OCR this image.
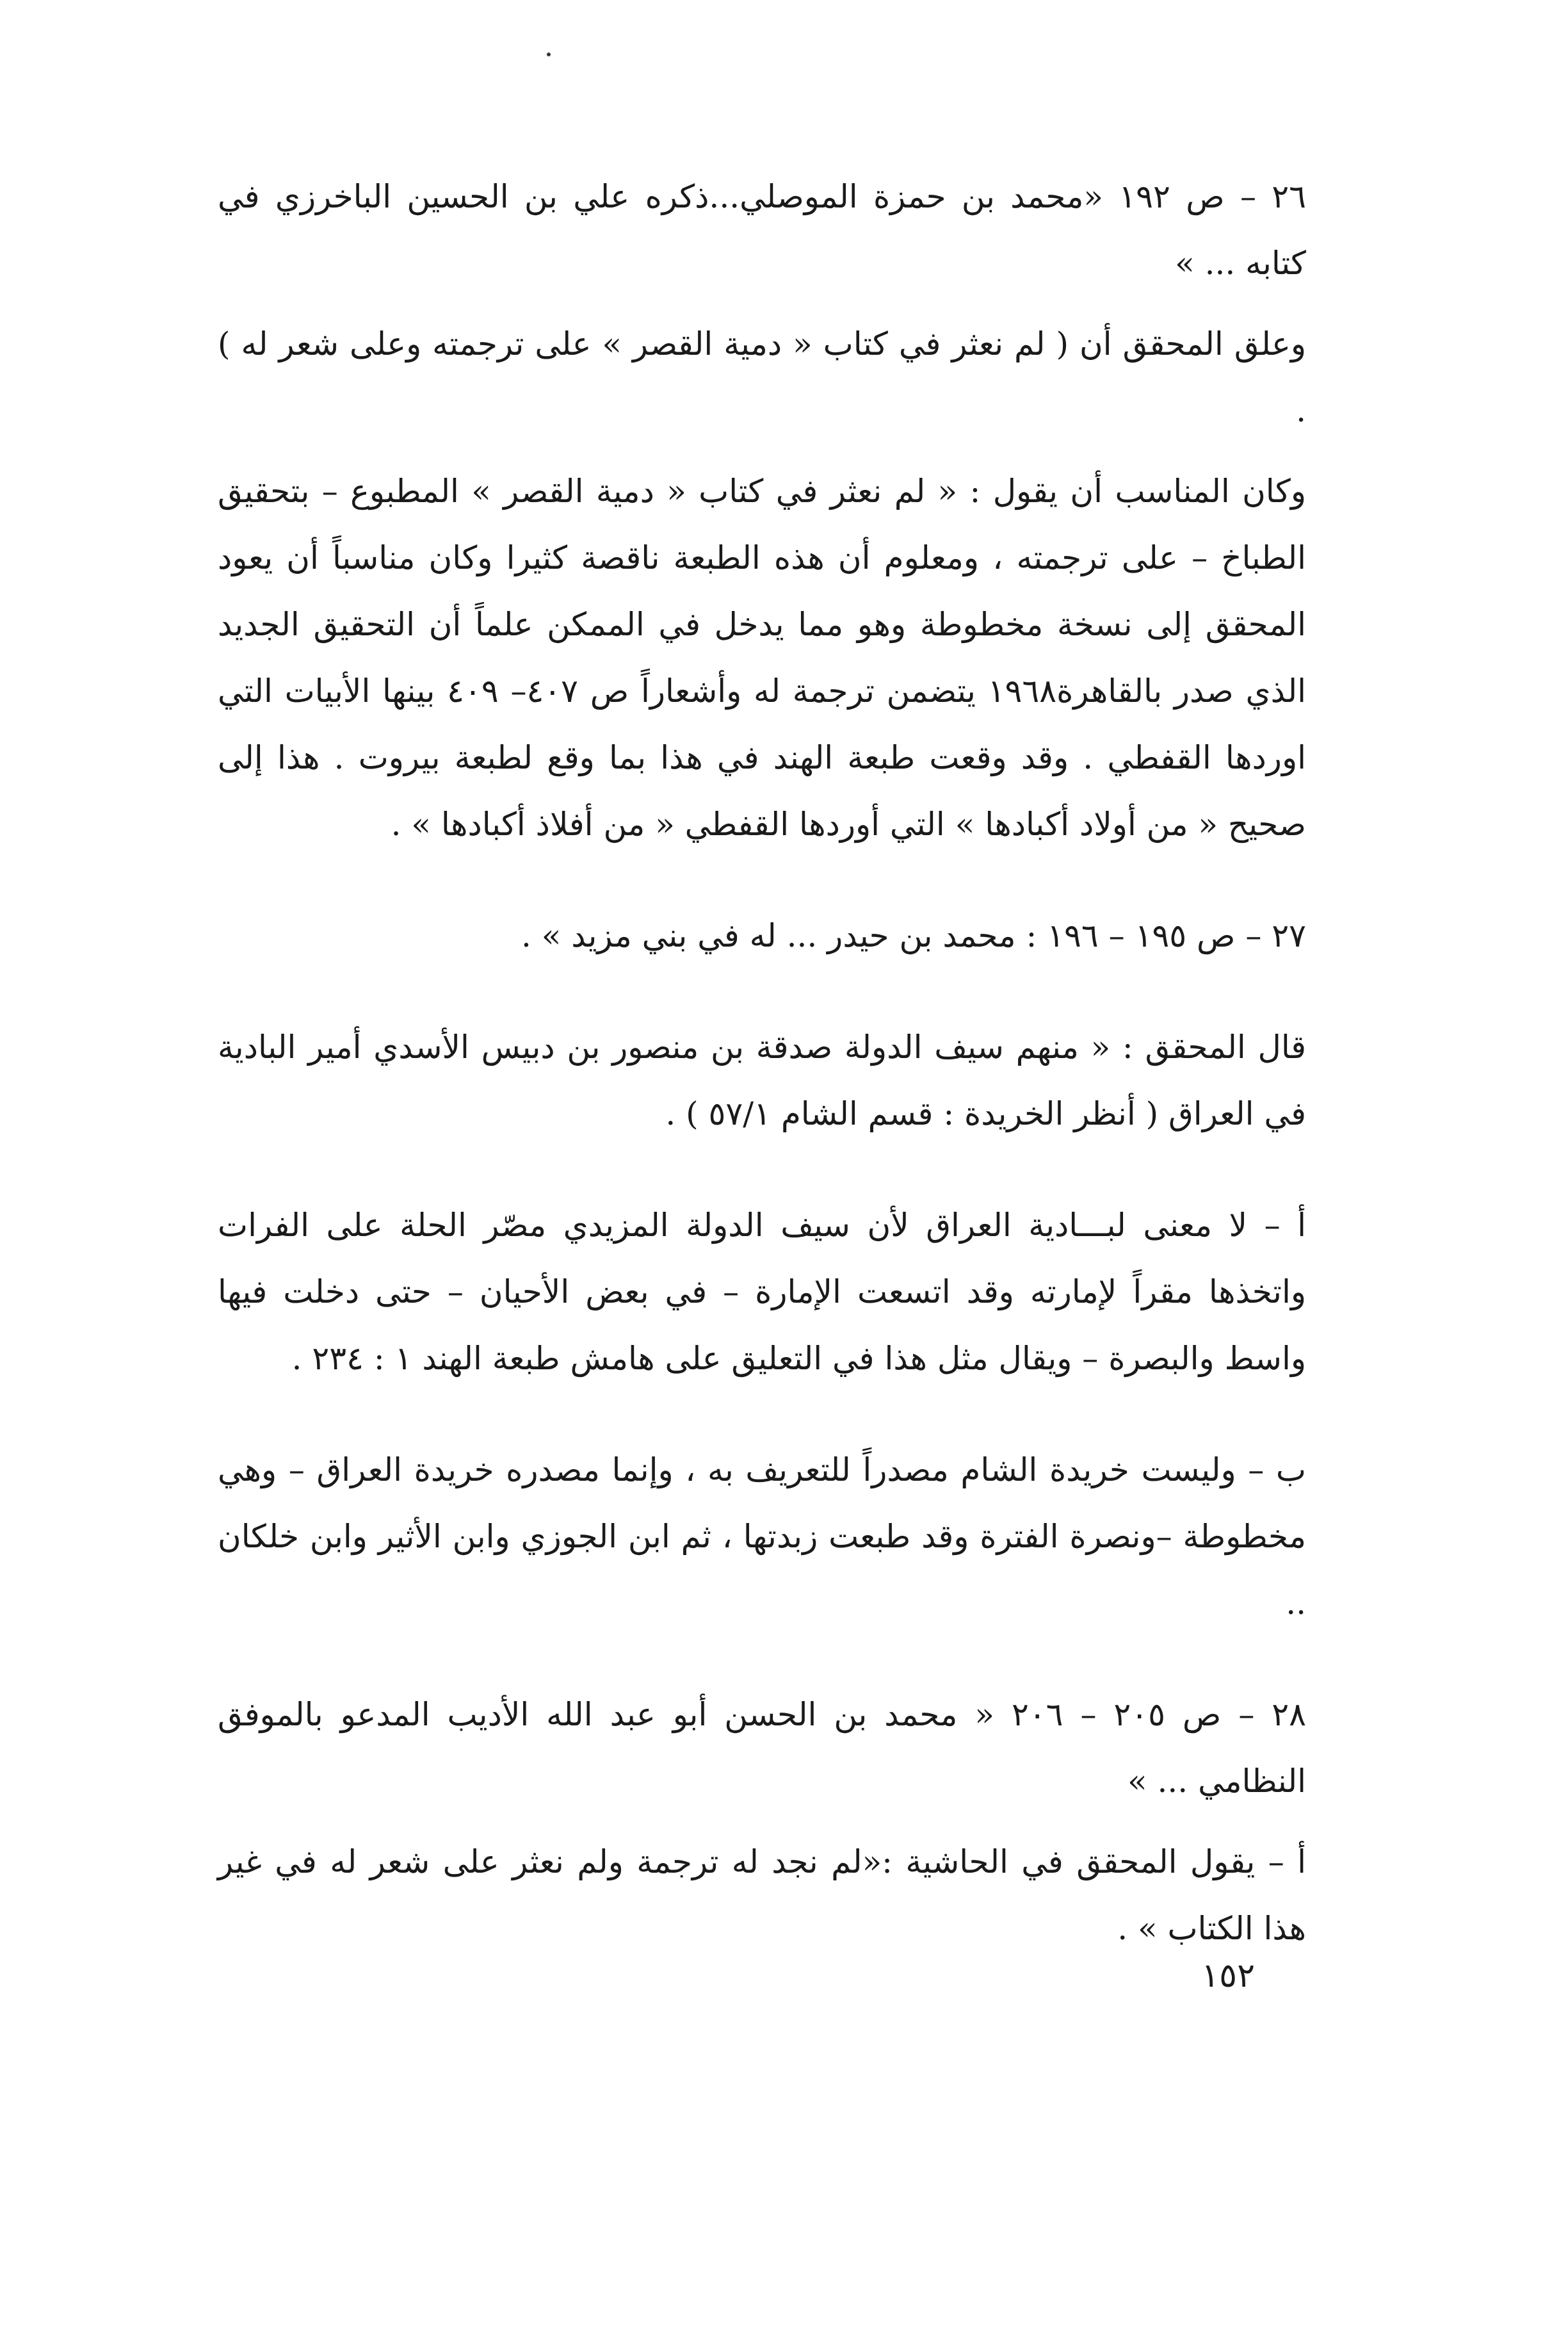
٢٦ – ص ١٩٢ «محمد بن حمزة الموصلي...ذكره علي بن الحسين الباخرزي في كتابه ... »

وعلق المحقق أن ( لم نعثر في كتاب « دمية القصر » على ترجمته وعلى شعر له ) .

وكان المناسب أن يقول : « لم نعثر في كتاب « دمية القصر » المطبوع – بتحقيق الطباخ – على ترجمته ، ومعلوم أن هذه الطبعة ناقصة كثيرا وكان مناسباً أن يعود المحقق إلى نسخة مخطوطة وهو مما يدخل في الممكن علماً أن التحقيق الجديد الذي صدر بالقاهرة١٩٦٨ يتضمن ترجمة له وأشعاراً ص ٤٠٧– ٤٠٩ بينها الأبيات التي اوردها القفطي . وقد وقعت طبعة الهند في هذا بما وقع لطبعة بيروت . هذا إلى صحيح « من أولاد أكبادها » التي أوردها القفطي « من أفلاذ أكبادها » .

٢٧ – ص ١٩٥ – ١٩٦ : محمد بن حيدر ... له في بني مزيد » .

قال المحقق : « منهم سيف الدولة صدقة بن منصور بن دبيس الأسدي أمير البادية في العراق ( أنظر الخريدة : قسم الشام ٥٧/١ ) .

أ – لا معنى لبـــادية العراق لأن سيف الدولة المزيدي مصّر الحلة على الفرات واتخذها مقراً لإمارته وقد اتسعت الإمارة – في بعض الأحيان – حتى دخلت فيها واسط والبصرة – ويقال مثل هذا في التعليق على هامش طبعة الهند ١ : ٢٣٤ .

ب – وليست خريدة الشام مصدراً للتعريف به ، وإنما مصدره خريدة العراق – وهي مخطوطة –ونصرة الفترة وقد طبعت زبدتها ، ثم ابن الجوزي وابن الأثير وابن خلكان ..

٢٨ – ص ٢٠٥ – ٢٠٦ « محمد بن الحسن أبو عبد الله الأديب المدعو بالموفق النظامي ... »

أ – يقول المحقق في الحاشية :«لم نجد له ترجمة ولم نعثر على شعر له في غير هذا الكتاب » .

١٥٢
